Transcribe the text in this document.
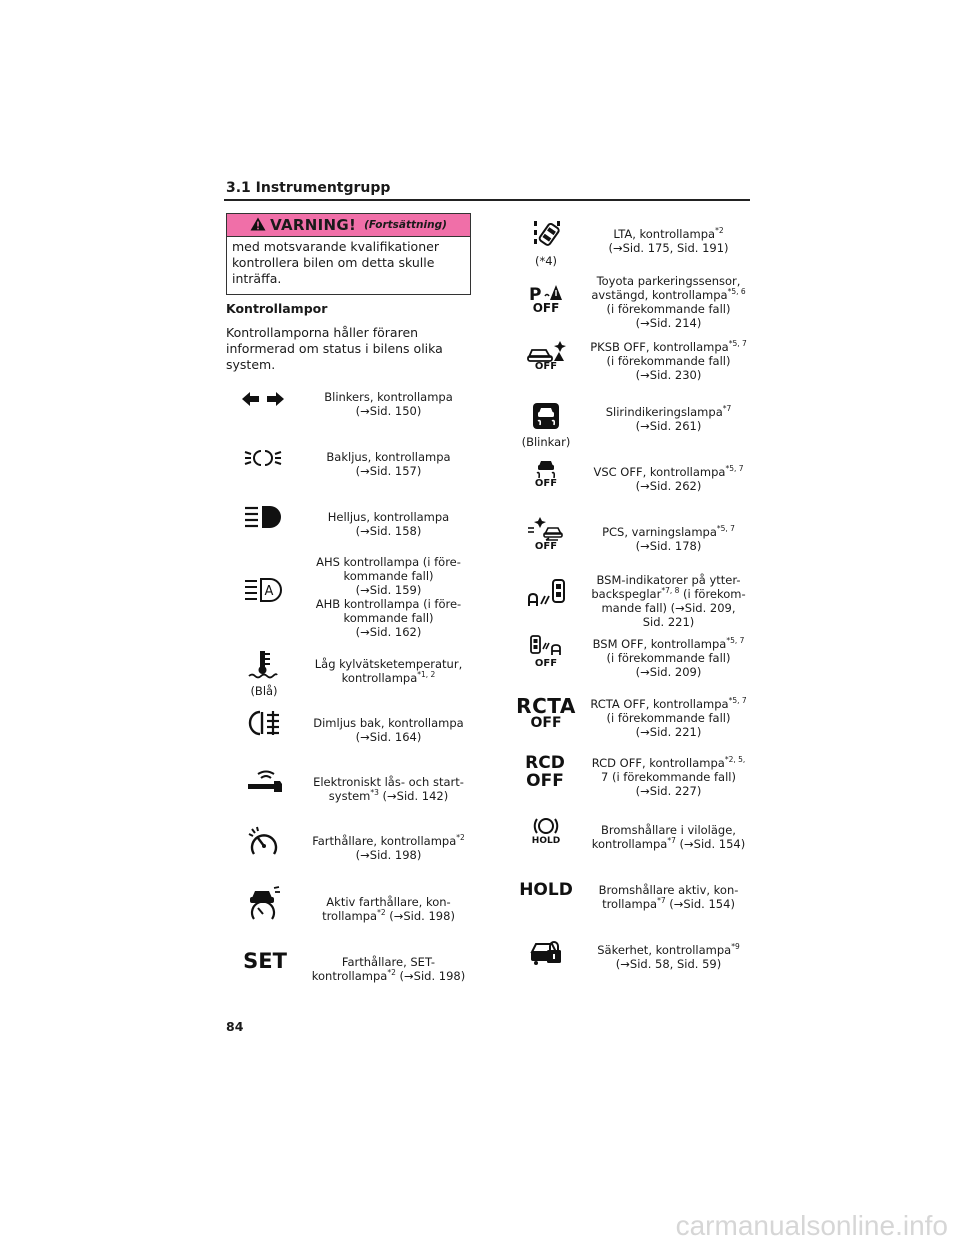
3.1 Instrumentgrupp
VARNING! (Fortsättning)
med motsvarande kvalifikationer kontrollera bilen om detta skulle inträffa.
Kontrollampor
Kontrollamporna håller föraren informerad om status i bilens olika system.
Blinkers, kontrollampa
(→Sid. 150)
Bakljus, kontrollampa
(→Sid. 157)
Helljus, kontrollampa
(→Sid. 158)
A
AHS kontrollampa (i före-
kommande fall)
(→Sid. 159)
AHB kontrollampa (i före-
kommande fall)
(→Sid. 162)
(Blå)
Låg kylvätsketemperatur,
kontrollampa$^{*1, 2}$
Dimljus bak, kontrollampa
(→Sid. 164)
Elektroniskt lås- och start-
system$^{*3}$ (→Sid. 142)
Farthållare, kontrollampa$^{*2}$
(→Sid. 198)
Aktiv farthållare, kon-
trollampa$^{*2}$ (→Sid. 198)
SET	Farthållare, SET-
kontrollampa$^{*2}$ (→Sid. 198)
(*4)
LTA, kontrollampa$^{*2}$
(→Sid. 175, Sid. 191)
P
OFF
Toyota parkeringssensor,
avstängd, kontrollampa$^{*5, 6}$
(i förekommande fall)
(→Sid. 214)
OFF
PKSB OFF, kontrollampa$^{*5, 7}$
(i förekommande fall)
(→Sid. 230)
(Blinkar)
Slirindikeringslampa$^{*7}$
(→Sid. 261)
OFF
VSC OFF, kontrollampa$^{*5, 7}$
(→Sid. 262)
OFF
PCS, varningslampa$^{*5, 7}$
(→Sid. 178)
BSM-indikatorer på ytter-
backspeglar$^{*7, 8}$ (i förekom-
mande fall) (→Sid. 209,
Sid. 221)
OFF
BSM OFF, kontrollampa$^{*5, 7}$
(i förekommande fall)
(→Sid. 209)
RCTA
OFF
RCTA OFF, kontrollampa$^{*5, 7}$
(i förekommande fall)
(→Sid. 221)
RCD
OFF
RCD OFF, kontrollampa$^{*2, 5,}$
7 (i förekommande fall)
(→Sid. 227)
HOLD
Bromshållare i viloläge,
kontrollampa$^{*7}$ (→Sid. 154)
HOLD	Bromshållare aktiv, kon-
trollampa$^{*7}$ (→Sid. 154)
Säkerhet, kontrollampa$^{*9}$
(→Sid. 58, Sid. 59)
84
carmanualsonline.info
